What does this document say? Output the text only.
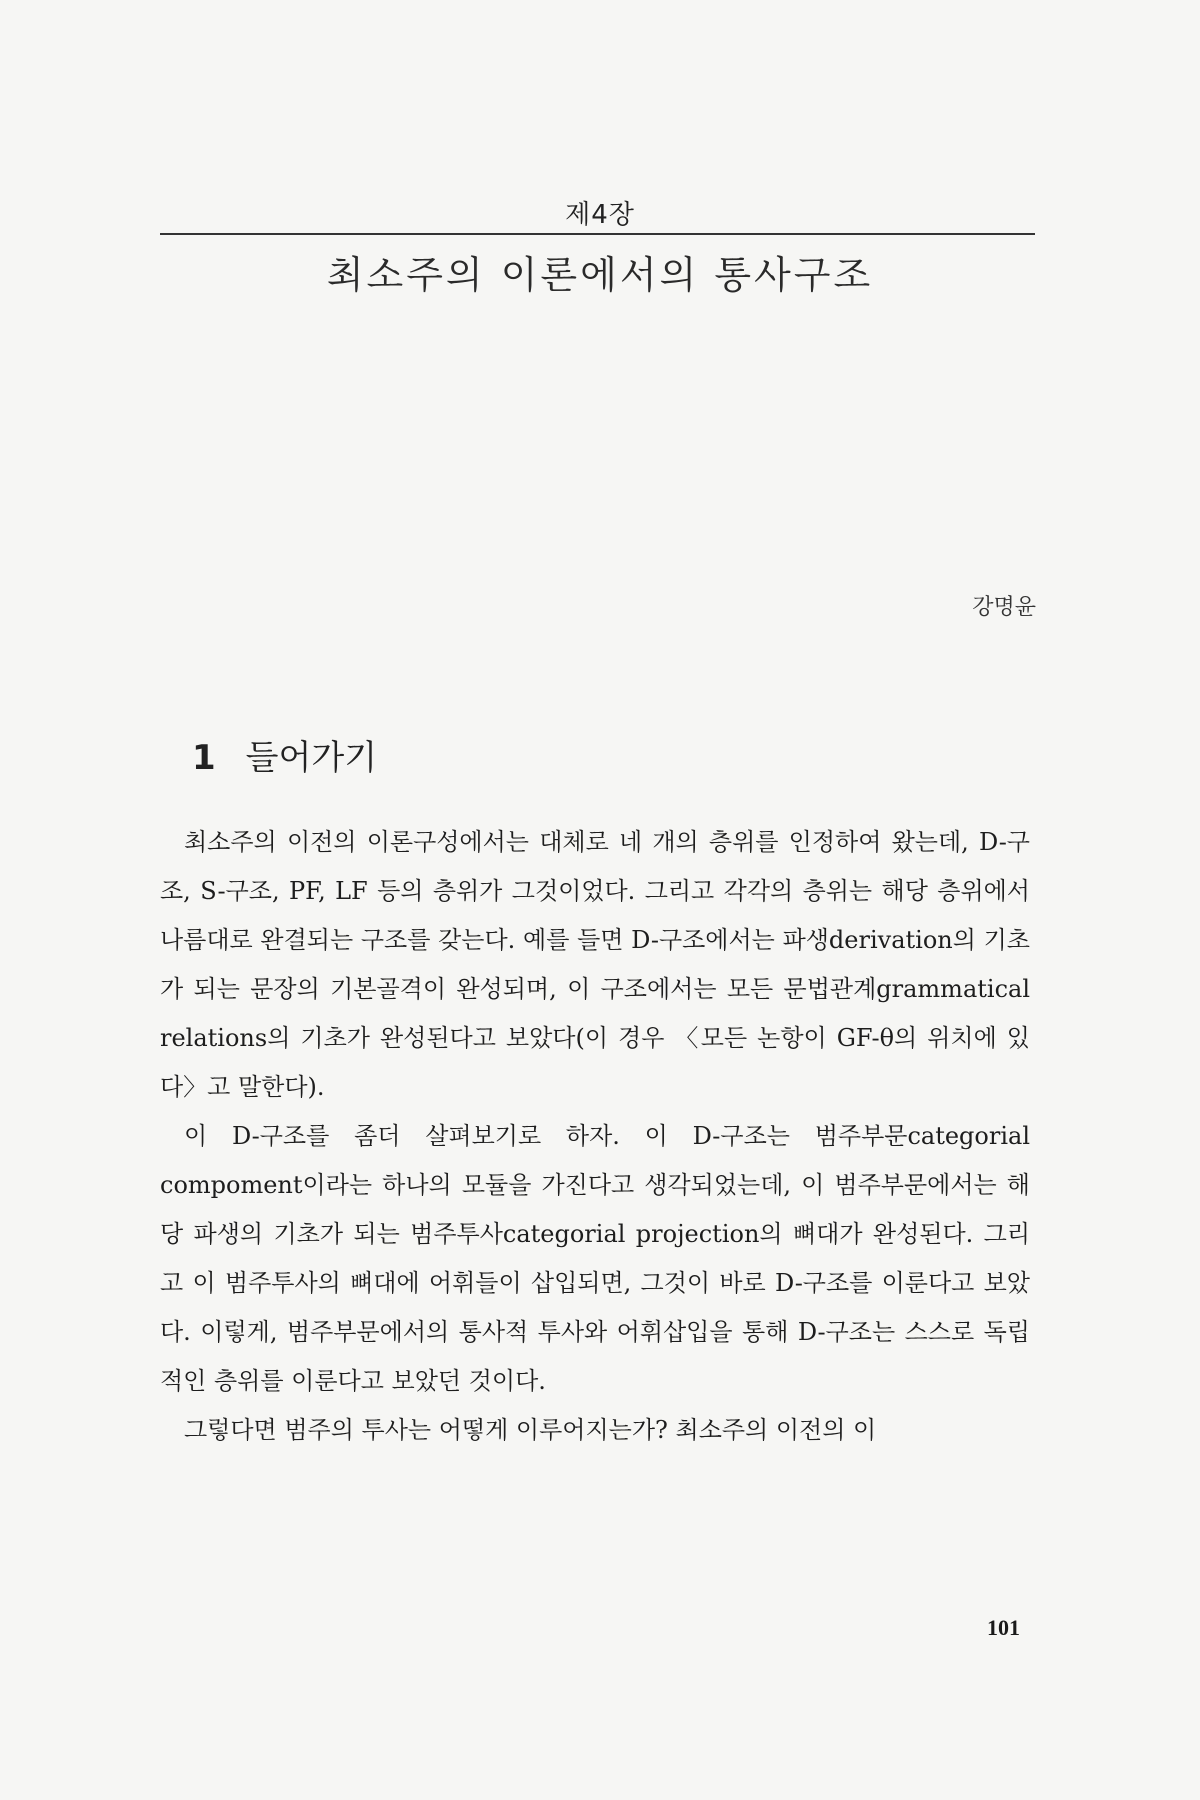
제4장
최소주의 이론에서의 통사구조
강명윤
1 들어가기

최소주의 이전의 이론구성에서는 대체로 네 개의 층위를 인정하여 왔는데, D-구조, S-구조, PF, LF 등의 층위가 그것이었다. 그리고 각각의 층위는 해당 층위에서 나름대로 완결되는 구조를 갖는다. 예를 들면 D-구조에서는 파생derivation의 기초가 되는 문장의 기본골격이 완성되며, 이 구조에서는 모든 문법관계grammatical relations의 기초가 완성된다고 보았다(이 경우 〈모든 논항이 GF-θ의 위치에 있다〉고 말한다).

이 D-구조를 좀더 살펴보기로 하자. 이 D-구조는 범주부문categorial compoment이라는 하나의 모듈을 가진다고 생각되었는데, 이 범주부문에서는 해당 파생의 기초가 되는 범주투사categorial projection의 뼈대가 완성된다. 그리고 이 범주투사의 뼈대에 어휘들이 삽입되면, 그것이 바로 D-구조를 이룬다고 보았다. 이렇게, 범주부문에서의 통사적 투사와 어휘삽입을 통해 D-구조는 스스로 독립적인 층위를 이룬다고 보았던 것이다.

그렇다면 범주의 투사는 어떻게 이루어지는가? 최소주의 이전의 이

101
